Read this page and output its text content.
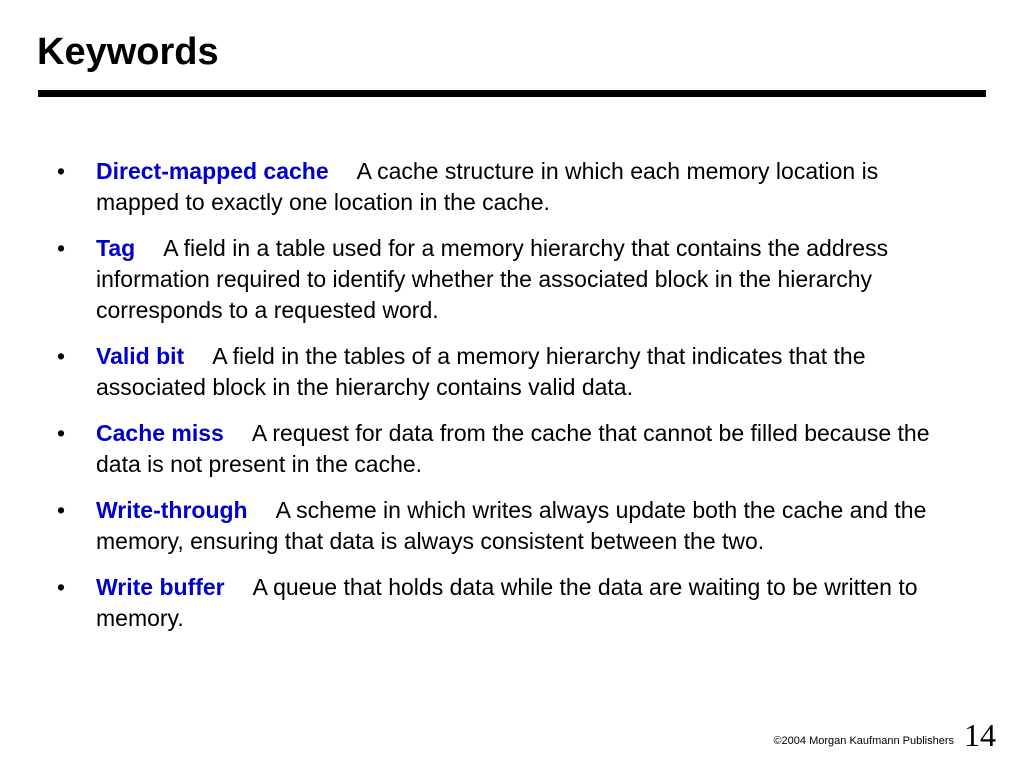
Keywords
•	Direct-mapped cache A cache structure in which each memory location is mapped to exactly one location in the cache.
•	Tag A field in a table used for a memory hierarchy that contains the address information required to identify whether the associated block in the hierarchy corresponds to a requested word.
•	Valid bit A field in the tables of a memory hierarchy that indicates that the associated block in the hierarchy contains valid data.
•	Cache miss A request for data from the cache that cannot be filled because the data is not present in the cache.
•	Write-through A scheme in which writes always update both the cache and the memory, ensuring that data is always consistent between the two.
•	Write buffer A queue that holds data while the data are waiting to be written to memory.
©2004 Morgan Kaufmann Publishers 14
